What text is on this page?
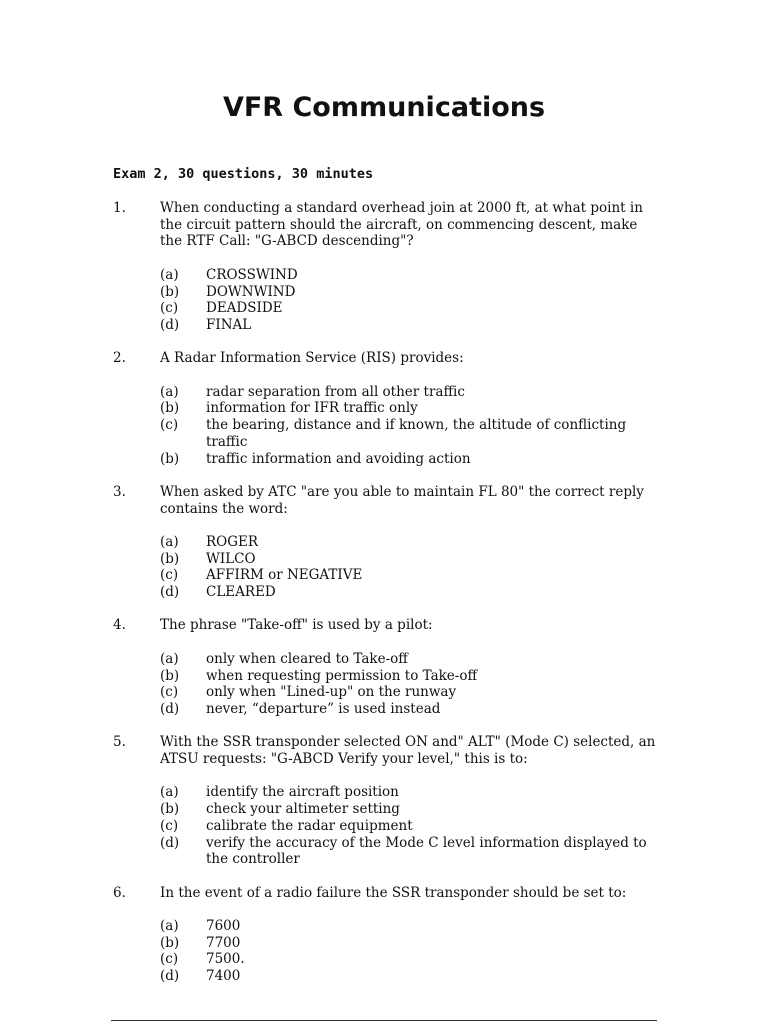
VFR Communications

Exam 2, 30 questions, 30 minutes

1.	When conducting a standard overhead join at 2000 ft, at what point in the circuit pattern should the aircraft, on commencing descent, make the RTF Call: "G-ABCD descending"?
(a) CROSSWIND
(b) DOWNWIND
(c) DEADSIDE
(d) FINAL
2.	A Radar Information Service (RIS) provides:
(a) radar separation from all other traffic
(b) information for IFR traffic only
(c) the bearing, distance and if known, the altitude of conflicting traffic
(b) traffic information and avoiding action
3.	When asked by ATC "are you able to maintain FL 80" the correct reply contains the word:
(a) ROGER
(b) WILCO
(c) AFFIRM or NEGATIVE
(d) CLEARED
4.	The phrase "Take-off" is used by a pilot:
(a) only when cleared to Take-off
(b) when requesting permission to Take-off
(c) only when "Lined-up" on the runway
(d) never, “departure” is used instead
5.	With the SSR transponder selected ON and" ALT" (Mode C) selected, an ATSU requests: "G-ABCD Verify your level," this is to:
(a) identify the aircraft position
(b) check your altimeter setting
(c) calibrate the radar equipment
(d) verify the accuracy of the Mode C level information displayed to the controller
6.	In the event of a radio failure the SSR transponder should be set to:
(a) 7600
(b) 7700
(c) 7500.
(d) 7400
